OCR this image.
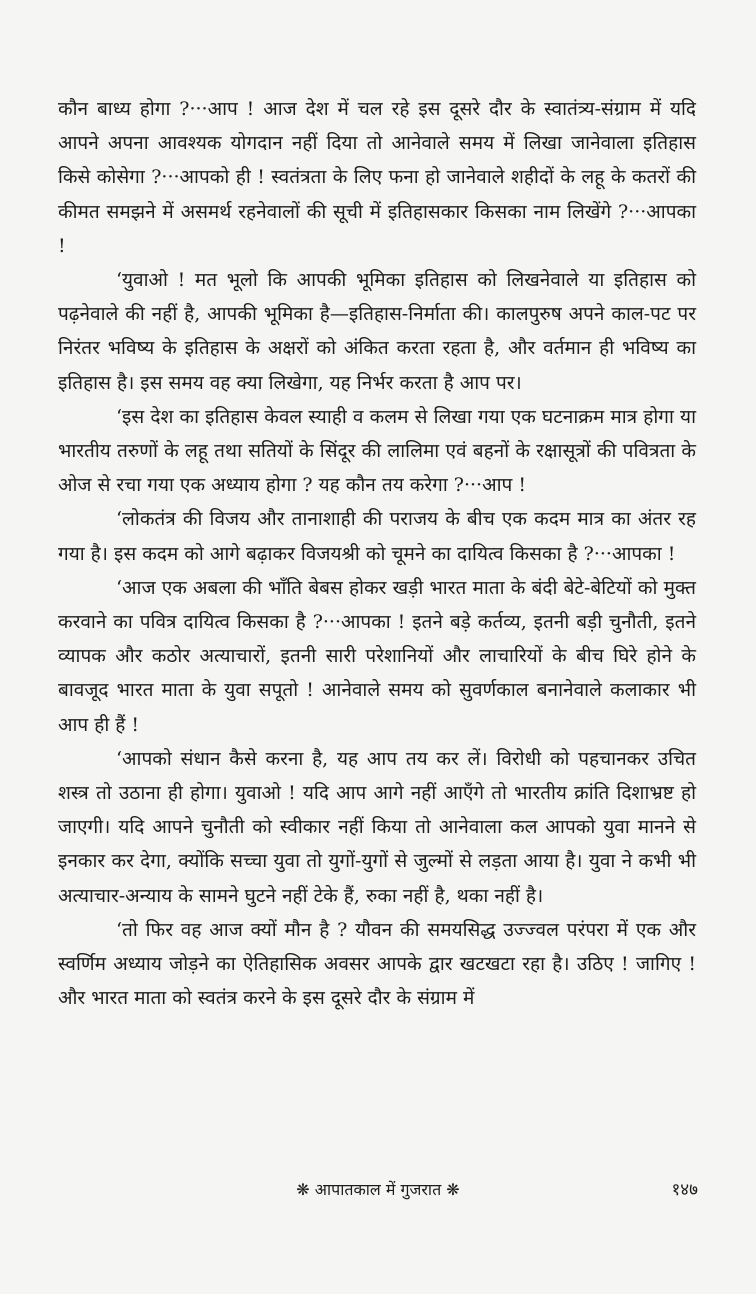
कौन बाध्य होगा ?···आप ! आज देश में चल रहे इस दूसरे दौर के स्वातंत्र्य-संग्राम में यदि आपने अपना आवश्यक योगदान नहीं दिया तो आनेवाले समय में लिखा जानेवाला इतिहास किसे कोसेगा ?···आपको ही ! स्वतंत्रता के लिए फना हो जानेवाले शहीदों के लहू के कतरों की कीमत समझने में असमर्थ रहनेवालों की सूची में इतिहासकार किसका नाम लिखेंगे ?···आपका !

‘युवाओ ! मत भूलो कि आपकी भूमिका इतिहास को लिखनेवाले या इतिहास को पढ़नेवाले की नहीं है, आपकी भूमिका है—इतिहास-निर्माता की। कालपुरुष अपने काल-पट पर निरंतर भविष्य के इतिहास के अक्षरों को अंकित करता रहता है, और वर्तमान ही भविष्य का इतिहास है। इस समय वह क्या लिखेगा, यह निर्भर करता है आप पर।

‘इस देश का इतिहास केवल स्याही व कलम से लिखा गया एक घटनाक्रम मात्र होगा या भारतीय तरुणों के लहू तथा सतियों के सिंदूर की लालिमा एवं बहनों के रक्षासूत्रों की पवित्रता के ओज से रचा गया एक अध्याय होगा ? यह कौन तय करेगा ?···आप !

‘लोकतंत्र की विजय और तानाशाही की पराजय के बीच एक कदम मात्र का अंतर रह गया है। इस कदम को आगे बढ़ाकर विजयश्री को चूमने का दायित्व किसका है ?···आपका !

‘आज एक अबला की भाँति बेबस होकर खड़ी भारत माता के बंदी बेटे-बेटियों को मुक्त करवाने का पवित्र दायित्व किसका है ?···आपका ! इतने बड़े कर्तव्य, इतनी बड़ी चुनौती, इतने व्यापक और कठोर अत्याचारों, इतनी सारी परेशानियों और लाचारियों के बीच घिरे होने के बावजूद भारत माता के युवा सपूतो ! आनेवाले समय को सुवर्णकाल बनानेवाले कलाकार भी आप ही हैं !

‘आपको संधान कैसे करना है, यह आप तय कर लें। विरोधी को पहचानकर उचित शस्त्र तो उठाना ही होगा। युवाओ ! यदि आप आगे नहीं आएँगे तो भारतीय क्रांति दिशाभ्रष्ट हो जाएगी। यदि आपने चुनौती को स्वीकार नहीं किया तो आनेवाला कल आपको युवा मानने से इनकार कर देगा, क्योंकि सच्चा युवा तो युगों-युगों से जुल्मों से लड़ता आया है। युवा ने कभी भी अत्याचार-अन्याय के सामने घुटने नहीं टेके हैं, रुका नहीं है, थका नहीं है।

‘तो फिर वह आज क्यों मौन है ? यौवन की समयसिद्ध उज्ज्वल परंपरा में एक और स्वर्णिम अध्याय जोड़ने का ऐतिहासिक अवसर आपके द्वार खटखटा रहा है। उठिए ! जागिए ! और भारत माता को स्वतंत्र करने के इस दूसरे दौर के संग्राम में

❋ आपातकाल में गुजरात ❋	१४७
